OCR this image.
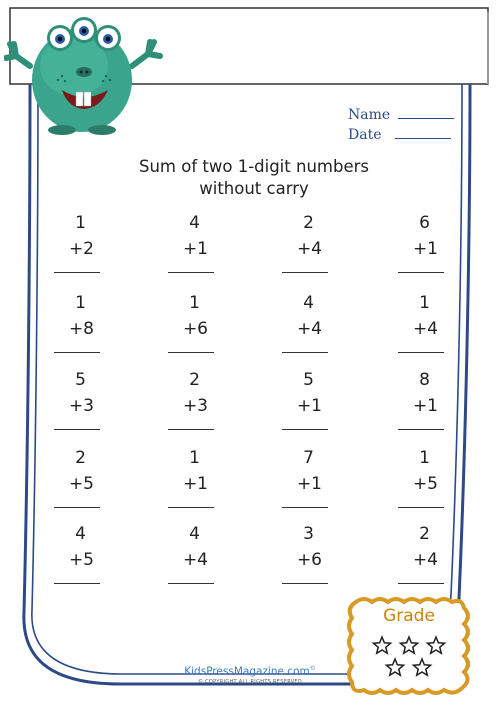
Name
Date
Sum of two 1-digit numbers
without carry
1
+2
4
+1
2
+4
6
+1
1
+8
1
+6
4
+4
1
+4
5
+3
2
+3
5
+1
8
+1
2
+5
1
+1
7
+1
1
+5
4
+5
4
+4
3
+6
2
+4
Grade
KidsPressMagazine.com©
© COPYRIGHT ALL RIGHTS RESERVED
